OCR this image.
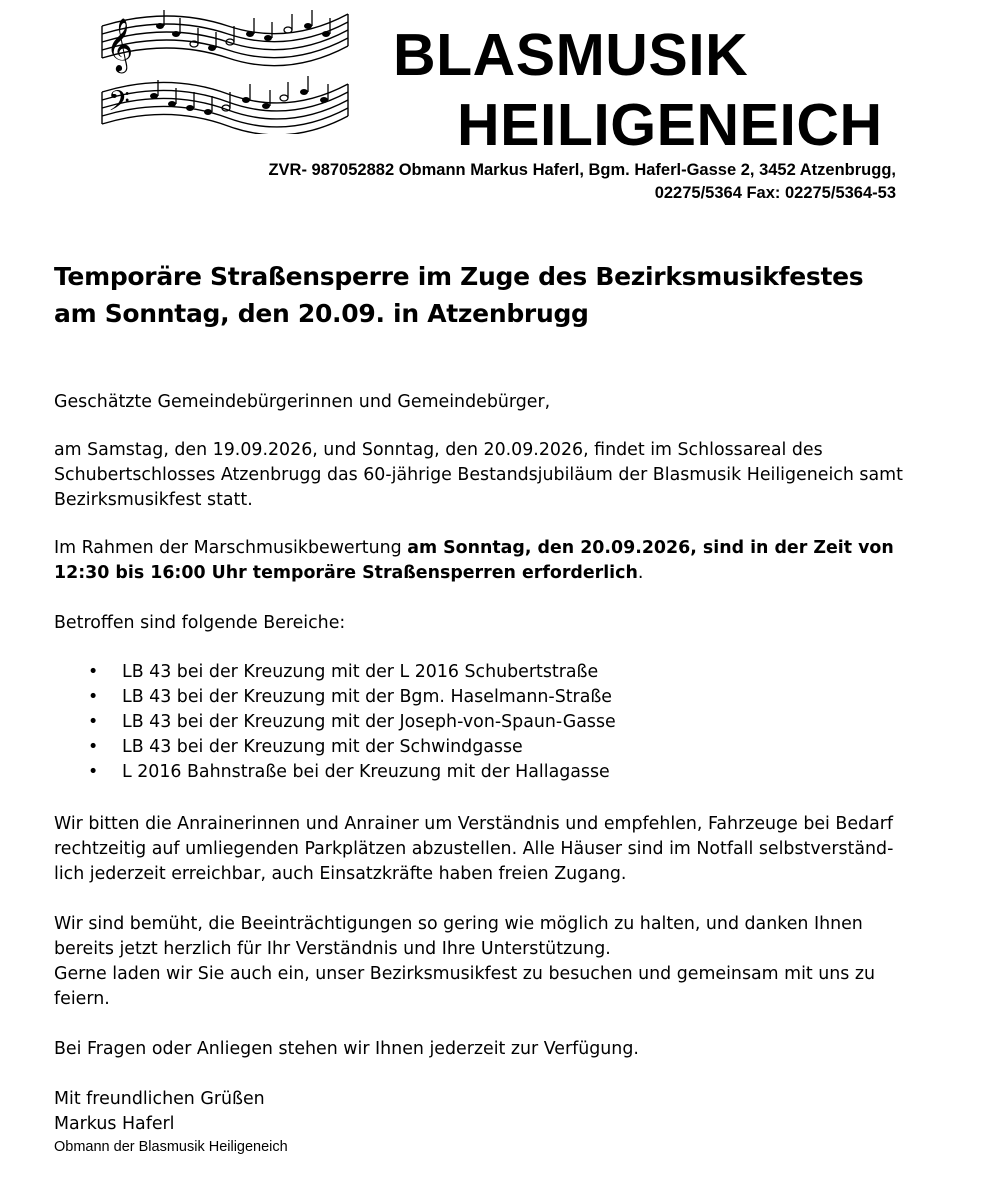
𝄞
𝄢
BLASMUSIK
HEILIGENEICH
ZVR- 987052882 Obmann Markus Haferl, Bgm. Haferl-Gasse 2, 3452 Atzenbrugg,
02275/5364 Fax: 02275/5364-53
Temporäre Straßensperre im Zuge des Bezirksmusikfestes
am Sonntag, den 20.09. in Atzenbrugg

Geschätzte Gemeindebürgerinnen und Gemeindebürger,

am Samstag, den 19.09.2026, und Sonntag, den 20.09.2026, findet im Schlossareal des
Schubertschlosses Atzenbrugg das 60-jährige Bestandsjubiläum der Blasmusik Heiligeneich samt
Bezirksmusikfest statt.

Im Rahmen der Marschmusikbewertung am Sonntag, den 20.09.2026, sind in der Zeit von
12:30 bis 16:00 Uhr temporäre Straßensperren erforderlich.

Betroffen sind folgende Bereiche:

• LB 43 bei der Kreuzung mit der L 2016 Schubertstraße
• LB 43 bei der Kreuzung mit der Bgm. Haselmann-Straße
• LB 43 bei der Kreuzung mit der Joseph-von-Spaun-Gasse
• LB 43 bei der Kreuzung mit der Schwindgasse
• L 2016 Bahnstraße bei der Kreuzung mit der Hallagasse

Wir bitten die Anrainerinnen und Anrainer um Verständnis und empfehlen, Fahrzeuge bei Bedarf
rechtzeitig auf umliegenden Parkplätzen abzustellen. Alle Häuser sind im Notfall selbstverständ-
lich jederzeit erreichbar, auch Einsatzkräfte haben freien Zugang.

Wir sind bemüht, die Beeinträchtigungen so gering wie möglich zu halten, und danken Ihnen
bereits jetzt herzlich für Ihr Verständnis und Ihre Unterstützung.
Gerne laden wir Sie auch ein, unser Bezirksmusikfest zu besuchen und gemeinsam mit uns zu
feiern.

Bei Fragen oder Anliegen stehen wir Ihnen jederzeit zur Verfügung.

Mit freundlichen Grüßen

Markus Haferl

Obmann der Blasmusik Heiligeneich
